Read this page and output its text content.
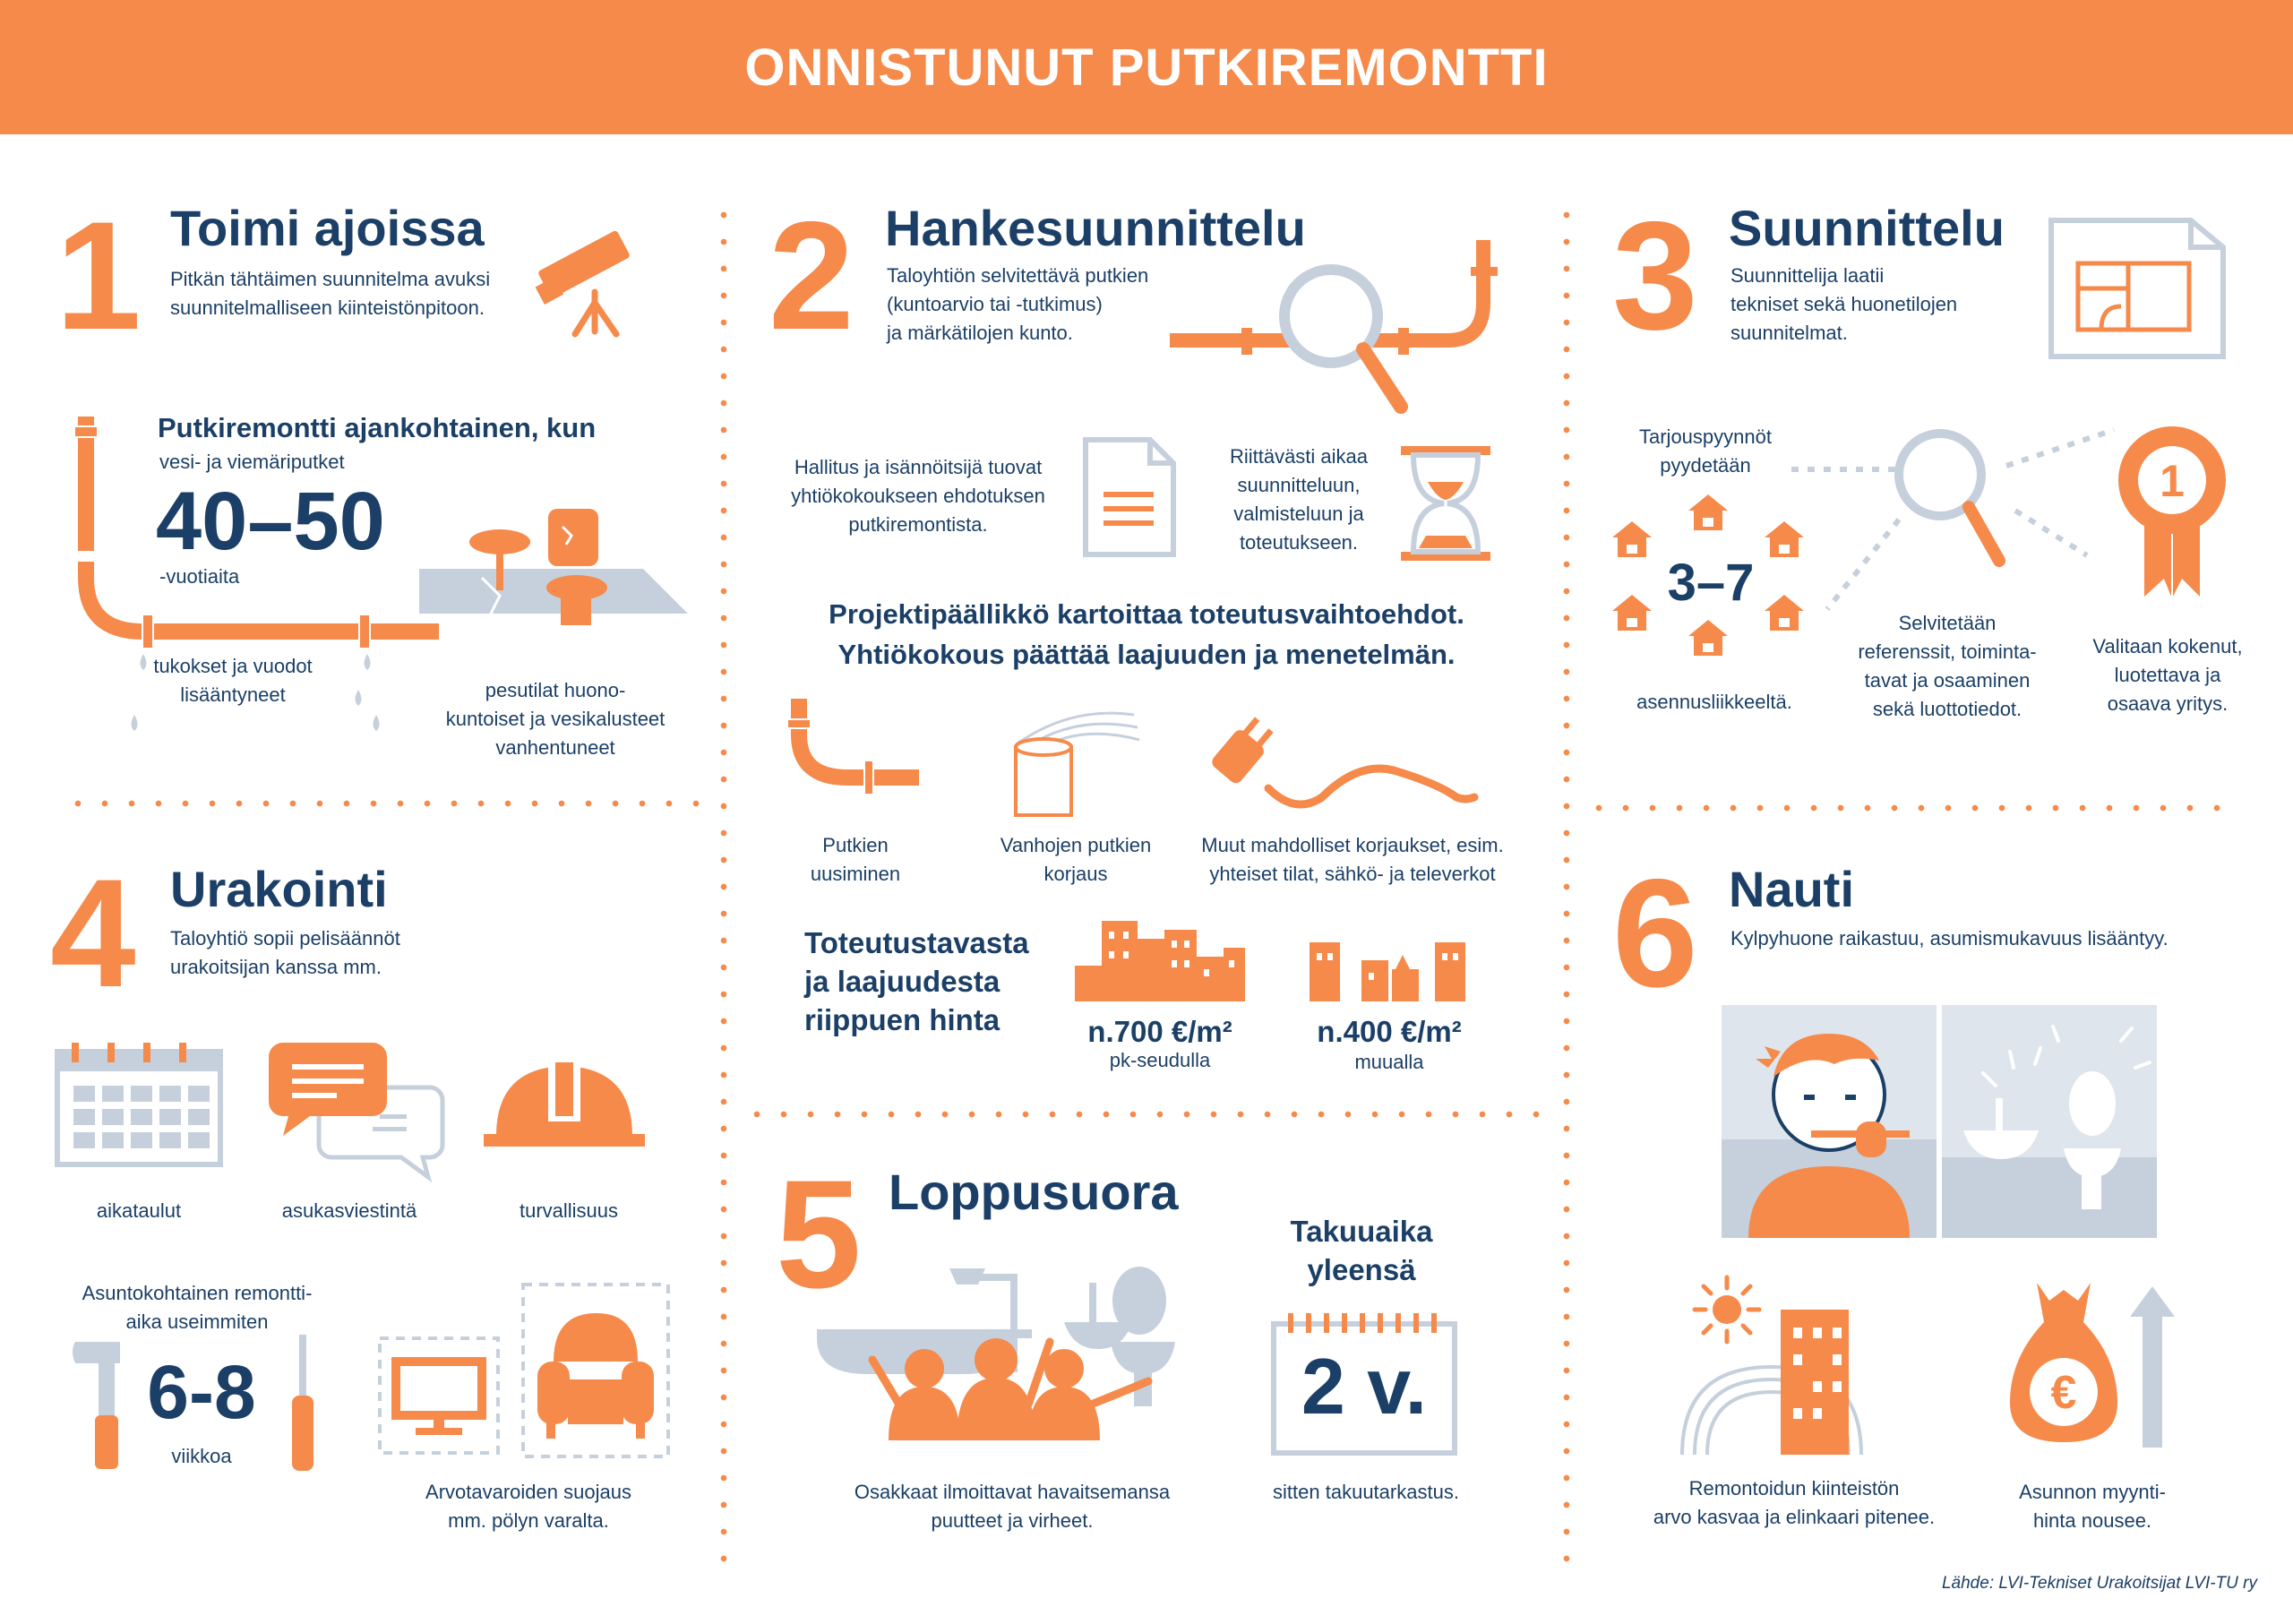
ONNISTUNUT PUTKIREMONTTI
1 Toimi ajoissa
Pitkän tähtäimen suunnitelma avuksi
suunnitelmalliseen kiinteistönpitoon.
Putkiremontti ajankohtainen, kun
vesi- ja viemäriputket
40–50
-vuotiaita
tukokset ja vuodot
lisääntyneet	pesutilat huono-
kuntoiset ja vesikalusteet
vanhentuneet
2 Hankesuunnittelu
Taloyhtiön selvitettävä putkien
(kuntoarvio tai -tutkimus)
ja märkätilojen kunto.
Hallitus ja isännöitsijä tuovat
yhtiökokoukseen ehdotuksen
putkiremontista.
Riittävästi aikaa
suunnitteluun,
valmisteluun ja
toteutukseen.
Projektipäällikkö kartoittaa toteutusvaihtoehdot.
Yhtiökokous päättää laajuuden ja menetelmän.
Putkien
uusiminen
Vanhojen putkien
korjaus
Muut mahdolliset korjaukset, esim.
yhteiset tilat, sähkö- ja televerkot
Toteutustavasta
ja laajuudesta
riippuen hinta	n.700 €/m²
pk-seudulla
n.400 €/m²
muualla
3 Suunnittelu
Suunnittelija laatii
tekniset sekä huonetilojen
suunnitelmat.
Tarjouspyynnöt
pyydetään
3–7
asennusliikkeeltä.
1
Selvitetään
referenssit, toiminta-
tavat ja osaaminen
sekä luottotiedot.
Valitaan kokenut,
luotettava ja
osaava yritys.
4 Urakointi
Taloyhtiö sopii pelisäännöt
urakoitsijan kanssa mm.
aikataulut	asukasviestintä	turvallisuus
Asuntokohtainen remontti-
aika useimmiten
6-8
viikkoa
Arvotavaroiden suojaus
mm. pölyn varalta.
5 Loppusuora
Osakkaat ilmoittavat havaitsemansa
puutteet ja virheet.
Takuuaika
yleensä
2 v.
sitten takuutarkastus.
6 Nauti
Kylpyhuone raikastuu, asumismukavuus lisääntyy.
€
Remontoidun kiinteistön
arvo kasvaa ja elinkaari pitenee.
Asunnon myynti-
hinta nousee.
Lähde: LVI-Tekniset Urakoitsijat LVI-TU ry
